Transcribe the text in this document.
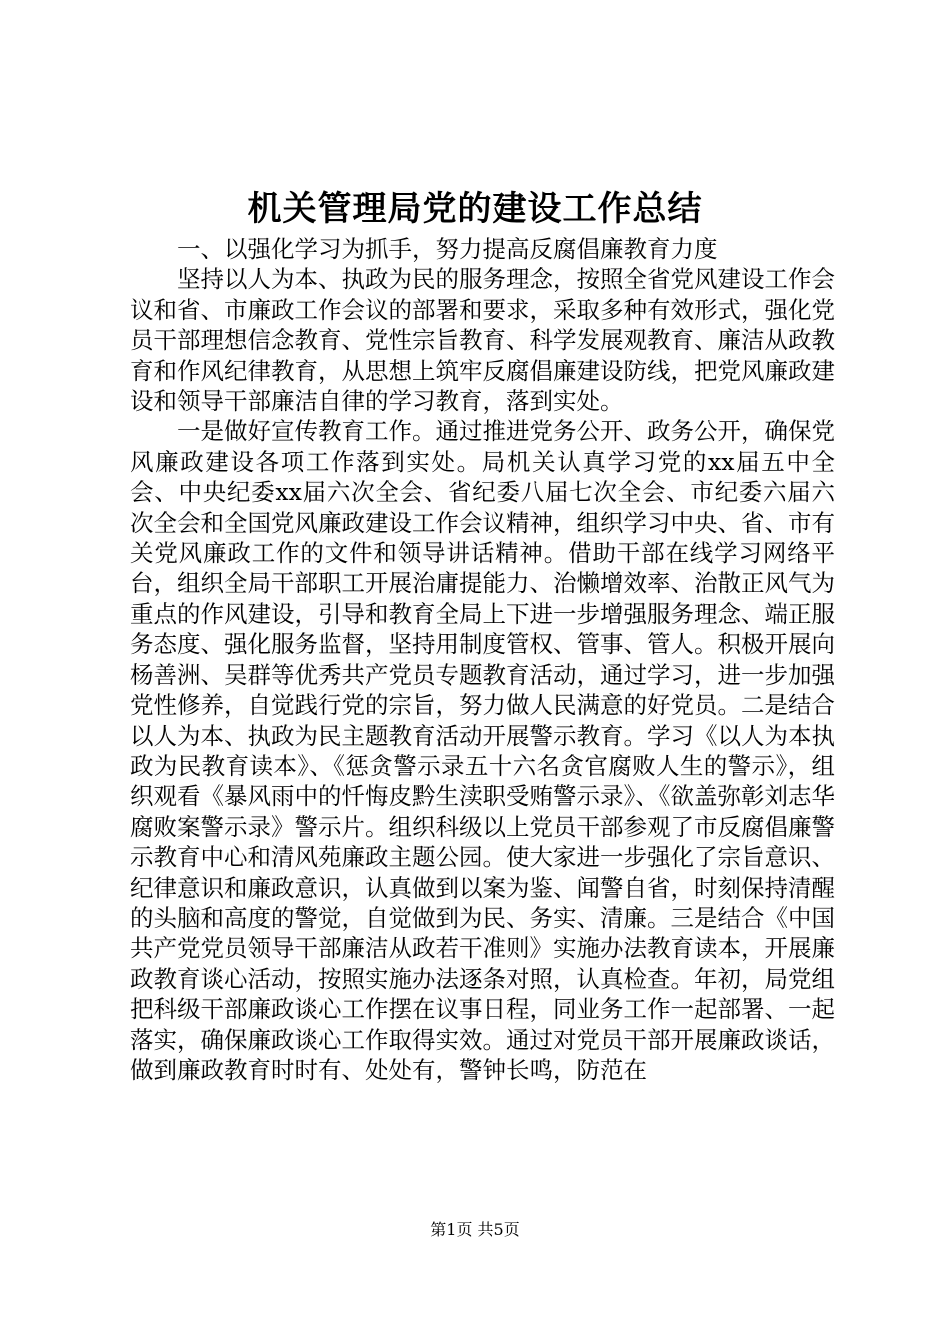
机关管理局党的建设工作总结

一、以强化学习为抓手，努力提高反腐倡廉教育力度

坚持以人为本、执政为民的服务理念，按照全省党风建设工作会议和省、市廉政工作会议的部署和要求，采取多种有效形式，强化党员干部理想信念教育、党性宗旨教育、科学发展观教育、廉洁从政教育和作风纪律教育，从思想上筑牢反腐倡廉建设防线，把党风廉政建设和领导干部廉洁自律的学习教育，落到实处。

一是做好宣传教育工作。通过推进党务公开、政务公开，确保党风廉政建设各项工作落到实处。局机关认真学习党的xx届五中全会、中央纪委xx届六次全会、省纪委八届七次全会、市纪委六届六次全会和全国党风廉政建设工作会议精神，组织学习中央、省、市有关党风廉政工作的文件和领导讲话精神。借助干部在线学习网络平台，组织全局干部职工开展治庸提能力、治懒增效率、治散正风气为重点的作风建设，引导和教育全局上下进一步增强服务理念、端正服务态度、强化服务监督，坚持用制度管权、管事、管人。积极开展向杨善洲、吴群等优秀共产党员专题教育活动，通过学习，进一步加强党性修养，自觉践行党的宗旨，努力做人民满意的好党员。二是结合以人为本、执政为民主题教育活动开展警示教育。学习《以人为本执政为民教育读本》、《惩贪警示录五十六名贪官腐败人生的警示》，组织观看《暴风雨中的忏悔皮黔生渎职受贿警示录》、《欲盖弥彰刘志华腐败案警示录》警示片。组织科级以上党员干部参观了市反腐倡廉警示教育中心和清风苑廉政主题公园。使大家进一步强化了宗旨意识、纪律意识和廉政意识，认真做到以案为鉴、闻警自省，时刻保持清醒的头脑和高度的警觉，自觉做到为民、务实、清廉。三是结合《中国共产党党员领导干部廉洁从政若干准则》实施办法教育读本，开展廉政教育谈心活动，按照实施办法逐条对照，认真检查。年初，局党组把科级干部廉政谈心工作摆在议事日程，同业务工作一起部署、一起落实，确保廉政谈心工作取得实效。通过对党员干部开展廉政谈话，做到廉政教育时时有、处处有，警钟长鸣，防范在

第1页 共5页
